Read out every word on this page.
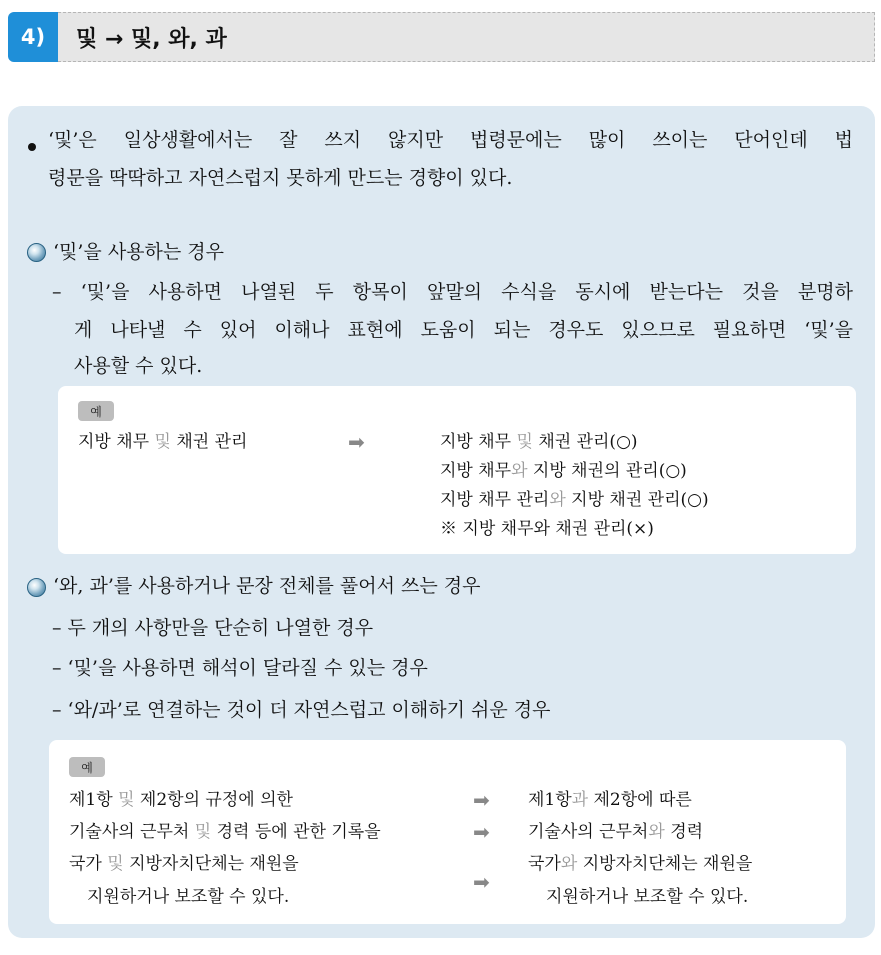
4)	및 → 및, 와, 과
‘및’은 일상생활에서는 잘 쓰지 않지만 법령문에는 많이 쓰이는 단어인데 법
령문을 딱딱하고 자연스럽지 못하게 만드는 경향이 있다.
‘및’을 사용하는 경우
– ‘및’을 사용하면 나열된 두 항목이 앞말의 수식을 동시에 받는다는 것을 분명하
게 나타낼 수 있어 이해나 표현에 도움이 되는 경우도 있으므로 필요하면 ‘및’을
사용할 수 있다.
예
지방 채무 및 채권 관리	➡	지방 채무 및 채권 관리(○)
지방 채무와 지방 채권의 관리(○)
지방 채무 관리와 지방 채권 관리(○)
※ 지방 채무와 채권 관리(×)
‘와, 과’를 사용하거나 문장 전체를 풀어서 쓰는 경우
– 두 개의 사항만을 단순히 나열한 경우
– ‘및’을 사용하면 해석이 달라질 수 있는 경우
– ‘와/과’로 연결하는 것이 더 자연스럽고 이해하기 쉬운 경우
예
제1항 및 제2항의 규정에 의한	➡ 제1항과 제2항에 따른
기술사의 근무처 및 경력 등에 관한 기록을	➡ 기술사의 근무처와 경력
국가 및 지방자치단체는 재원을
지원하거나 보조할 수 있다.
➡
국가와 지방자치단체는 재원을
지원하거나 보조할 수 있다.
